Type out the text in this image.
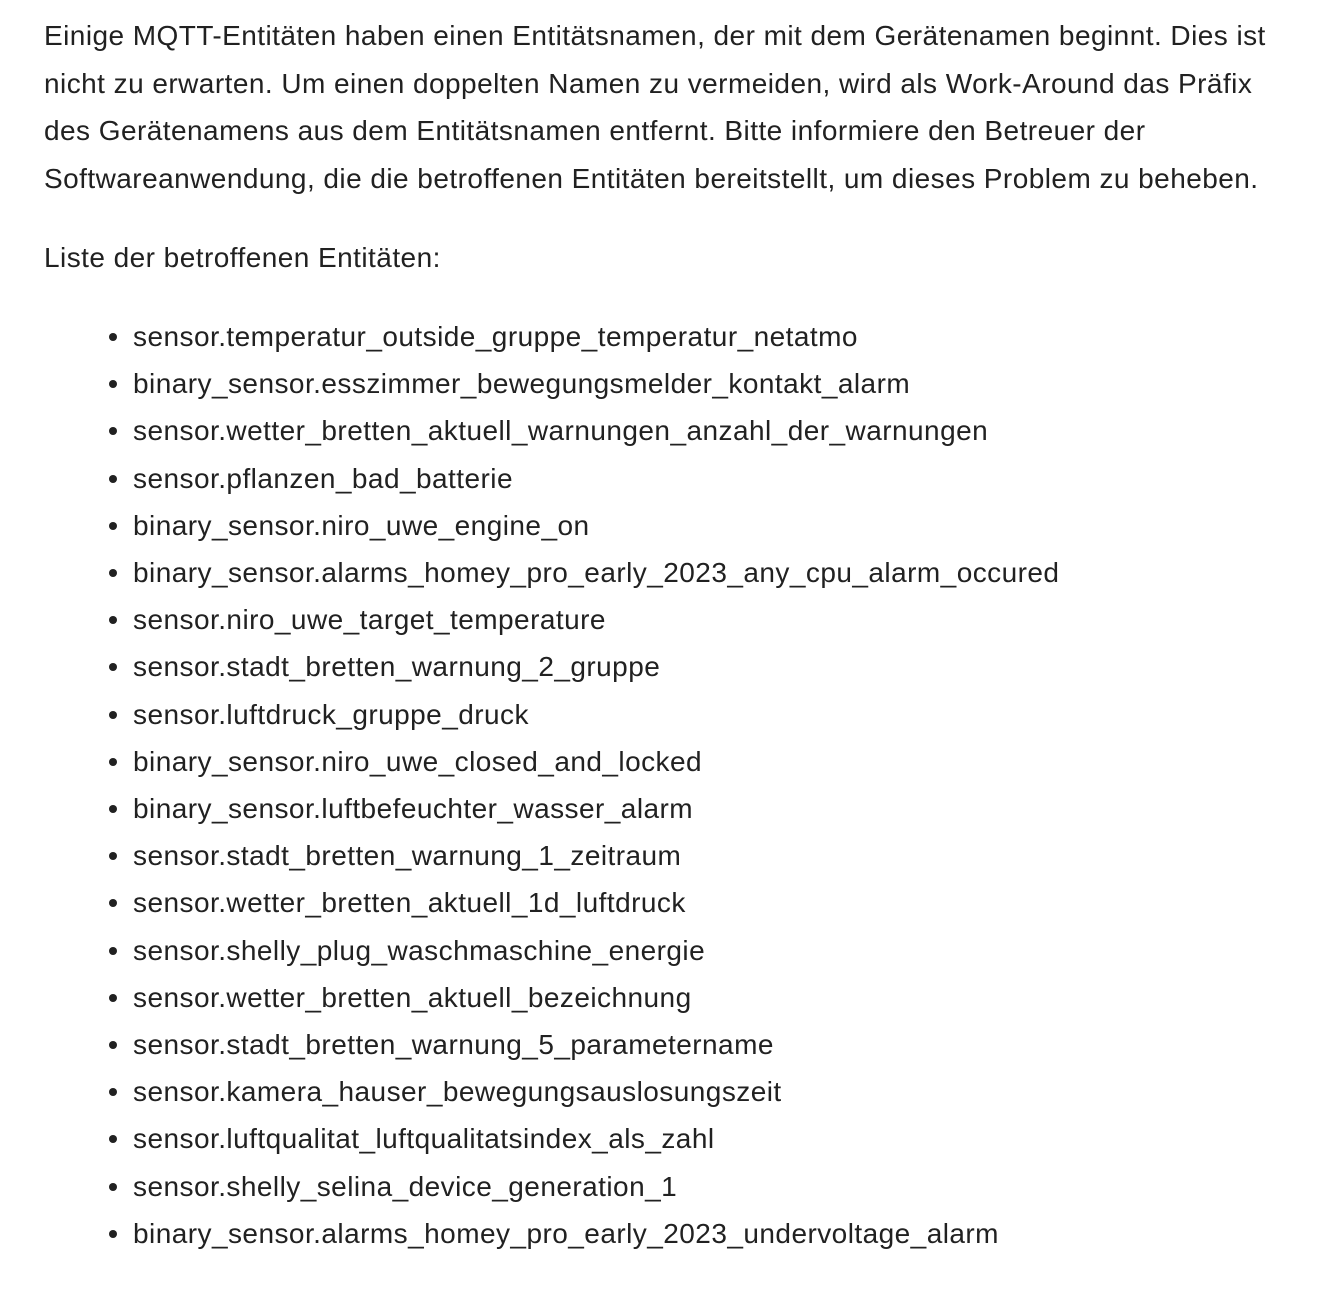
Einige MQTT-Entitäten haben einen Entitätsnamen, der mit dem Gerätenamen beginnt. Dies ist nicht zu erwarten. Um einen doppelten Namen zu vermeiden, wird als Work-Around das Präfix des Gerätenamens aus dem Entitätsnamen entfernt. Bitte informiere den Betreuer der Softwareanwendung, die die betroffenen Entitäten bereitstellt, um dieses Problem zu beheben.

Liste der betroffenen Entitäten:

sensor.temperatur_outside_gruppe_temperatur_netatmo
binary_sensor.esszimmer_bewegungsmelder_kontakt_alarm
sensor.wetter_bretten_aktuell_warnungen_anzahl_der_warnungen
sensor.pflanzen_bad_batterie
binary_sensor.niro_uwe_engine_on
binary_sensor.alarms_homey_pro_early_2023_any_cpu_alarm_occured
sensor.niro_uwe_target_temperature
sensor.stadt_bretten_warnung_2_gruppe
sensor.luftdruck_gruppe_druck
binary_sensor.niro_uwe_closed_and_locked
binary_sensor.luftbefeuchter_wasser_alarm
sensor.stadt_bretten_warnung_1_zeitraum
sensor.wetter_bretten_aktuell_1d_luftdruck
sensor.shelly_plug_waschmaschine_energie
sensor.wetter_bretten_aktuell_bezeichnung
sensor.stadt_bretten_warnung_5_parametername
sensor.kamera_hauser_bewegungsauslosungszeit
sensor.luftqualitat_luftqualitatsindex_als_zahl
sensor.shelly_selina_device_generation_1
binary_sensor.alarms_homey_pro_early_2023_undervoltage_alarm
